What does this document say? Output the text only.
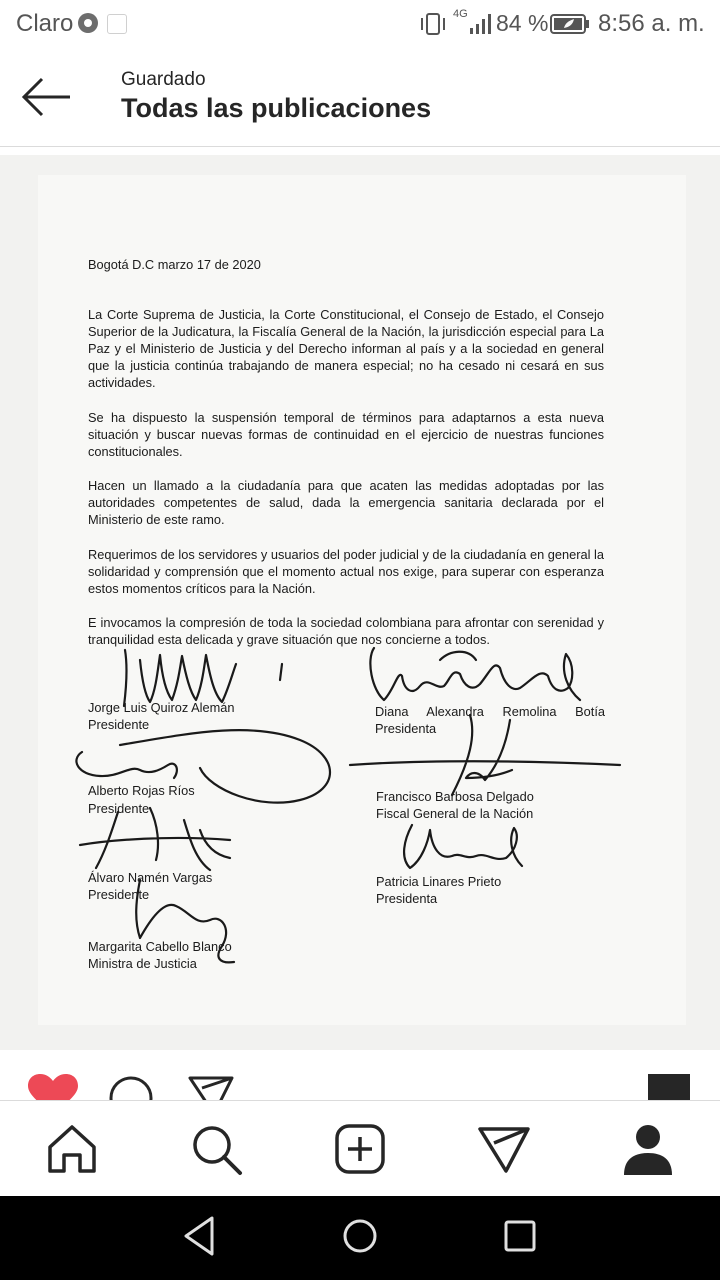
Claro	4G 84 % 8:56 a. m.
Guardado
Todas las publicaciones
Bogotá D.C marzo 17 de 2020
La Corte Suprema de Justicia, la Corte Constitucional, el Consejo de Estado, el Consejo Superior de la Judicatura, la Fiscalía General de la Nación, la jurisdicción especial para La Paz y el Ministerio de Justicia y del Derecho informan al país y a la sociedad en general que la justicia continúa trabajando de manera especial; no ha cesado ni cesará en sus actividades.
Se ha dispuesto la suspensión temporal de términos para adaptarnos a esta nueva situación y buscar nuevas formas de continuidad en el ejercicio de nuestras funciones constitucionales.
Hacen un llamado a la ciudadanía para que acaten las medidas adoptadas por las autoridades competentes de salud, dada la emergencia sanitaria declarada por el Ministerio de este ramo.
Requerimos de los servidores y usuarios del poder judicial y de la ciudadanía en general la solidaridad y comprensión que el momento actual nos exige, para superar con esperanza estos momentos críticos para la Nación.
E invocamos la compresión de toda la sociedad colombiana para afrontar con serenidad y tranquilidad esta delicada y grave situación que nos concierne a todos.
Jorge Luis Quiroz Alemán
Presidente
Diana Alexandra Remolina Botía
Presidenta
Alberto Rojas Ríos
Presidente
Francisco Barbosa Delgado
Fiscal General de la Nación
Álvaro Namén Vargas
Presidente
Patricia Linares Prieto
Presidenta
Margarita Cabello Blanco
Ministra de Justicia
